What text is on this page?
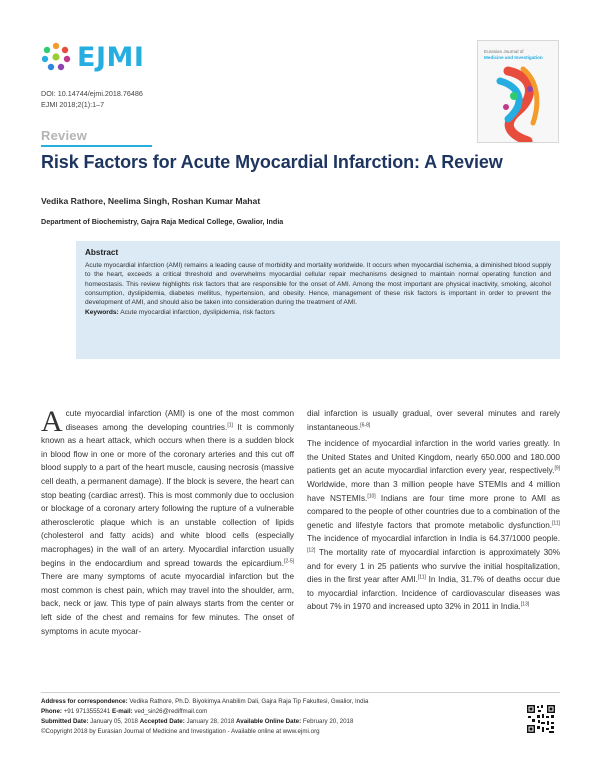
EJMI
DOI: 10.14744/ejmi.2018.76486
EJMI 2018;2(1):1–7
Eurasian Journal of
Medicine and Investigation
Review
Risk Factors for Acute Myocardial Infarction: A Review
Vedika Rathore, Neelima Singh, Roshan Kumar Mahat
Department of Biochemistry, Gajra Raja Medical College, Gwalior, India
Abstract

Acute myocardial infarction (AMI) remains a leading cause of morbidity and mortality worldwide. It occurs when myocardial ischemia, a diminished blood supply to the heart, exceeds a critical threshold and overwhelms myocardial cellular repair mechanisms designed to maintain normal operating function and homeostasis. This review highlights risk factors that are responsible for the onset of AMI. Among the most important are physical inactivity, smoking, alcohol consumption, dyslipidemia, diabetes mellitus, hypertension, and obesity. Hence, management of these risk factors is important in order to prevent the development of AMI, and should also be taken into consideration during the treatment of AMI.

Keywords: Acute myocardial infarction, dyslipidemia, risk factors

Acute myocardial infarction (AMI) is one of the most common diseases among the developing countries.[1] It is commonly known as a heart attack, which occurs when there is a sudden block in blood flow in one or more of the coronary arteries and this cut off blood supply to a part of the heart muscle, causing necrosis (massive cell death, a permanent damage). If the block is severe, the heart can stop beating (cardiac arrest). This is most commonly due to occlusion or blockage of a coronary artery following the rupture of a vulnerable atherosclerotic plaque which is an unstable collection of lipids (cholesterol and fatty acids) and white blood cells (especially macrophages) in the wall of an artery. Myocardial infarction usually begins in the endocardium and spread towards the epicardium.[2-5] There are many symptoms of acute myocardial infarction but the most common is chest pain, which may travel into the shoulder, arm, back, neck or jaw. This type of pain always starts from the center or left side of the chest and remains for few minutes. The onset of symptoms in acute myocar-

dial infarction is usually gradual, over several minutes and rarely instantaneous.[6-8]

The incidence of myocardial infarction in the world varies greatly. In the United States and United Kingdom, nearly 650.000 and 180.000 patients get an acute myocardial infarction every year, respectively.[9] Worldwide, more than 3 million people have STEMIs and 4 million have NSTEMIs.[10] Indians are four time more prone to AMI as compared to the people of other countries due to a combination of the genetic and lifestyle factors that promote metabolic dysfunction.[11] The incidence of myocardial infarction in India is 64.37/1000 people.[12] The mortality rate of myocardial infarction is approximately 30% and for every 1 in 25 patients who survive the initial hospitalization, dies in the first year after AMI.[11] In India, 31.7% of deaths occur due to myocardial infarction. Incidence of cardiovascular diseases was about 7% in 1970 and increased upto 32% in 2011 in India.[13]

Address for correspondence: Vedika Rathore, Ph.D. Biyokimya Anabilim Dali, Gajra Raja Tip Fakultesi, Gwalior, India
Phone: +91 9713555241 E-mail: ved_sin26@rediffmail.com
Submitted Date: January 05, 2018 Accepted Date: January 28, 2018 Available Online Date: February 20, 2018
©Copyright 2018 by Eurasian Journal of Medicine and Investigation - Available online at www.ejmi.org
